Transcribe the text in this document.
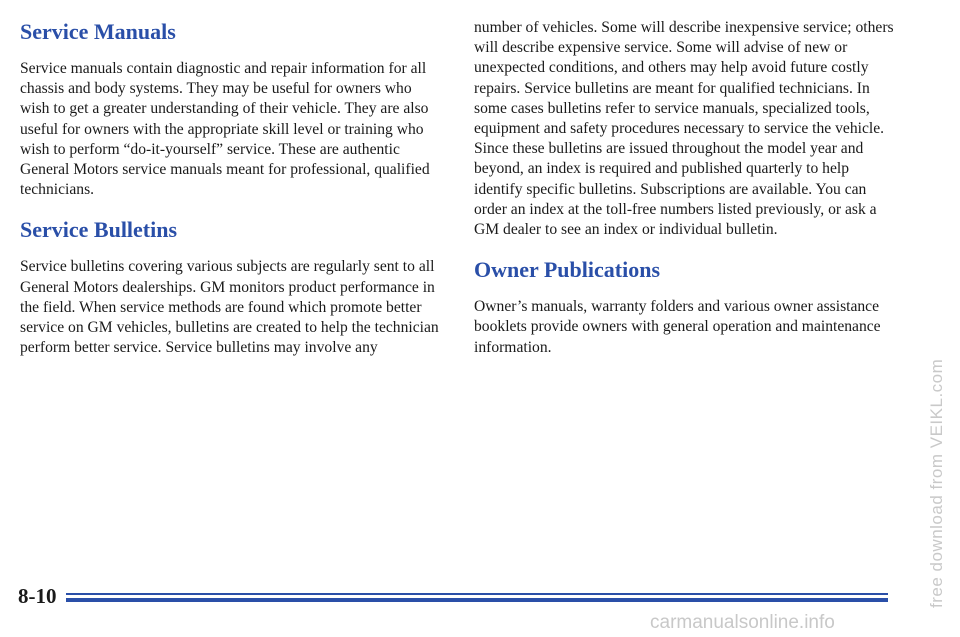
Service Manuals

Service manuals contain diagnostic and repair information for all chassis and body systems. They may be useful for owners who wish to get a greater understanding of their vehicle. They are also useful for owners with the appropriate skill level or training who wish to perform “do-it-yourself” service. These are authentic General Motors service manuals meant for professional, qualified technicians.

Service Bulletins

Service bulletins covering various subjects are regularly sent to all General Motors dealerships. GM monitors product performance in the field. When service methods are found which promote better service on GM vehicles, bulletins are created to help the technician perform better service. Service bulletins may involve any

number of vehicles. Some will describe inexpensive service; others will describe expensive service. Some will advise of new or unexpected conditions, and others may help avoid future costly repairs. Service bulletins are meant for qualified technicians. In some cases bulletins refer to service manuals, specialized tools, equipment and safety procedures necessary to service the vehicle. Since these bulletins are issued throughout the model year and beyond, an index is required and published quarterly to help identify specific bulletins. Subscriptions are available. You can order an index at the toll-free numbers listed previously, or ask a GM dealer to see an index or individual bulletin.

Owner Publications

Owner’s manuals, warranty folders and various owner assistance booklets provide owners with general operation and maintenance information.

8-10	free download from VEIKL.com
carmanualsonline.info
